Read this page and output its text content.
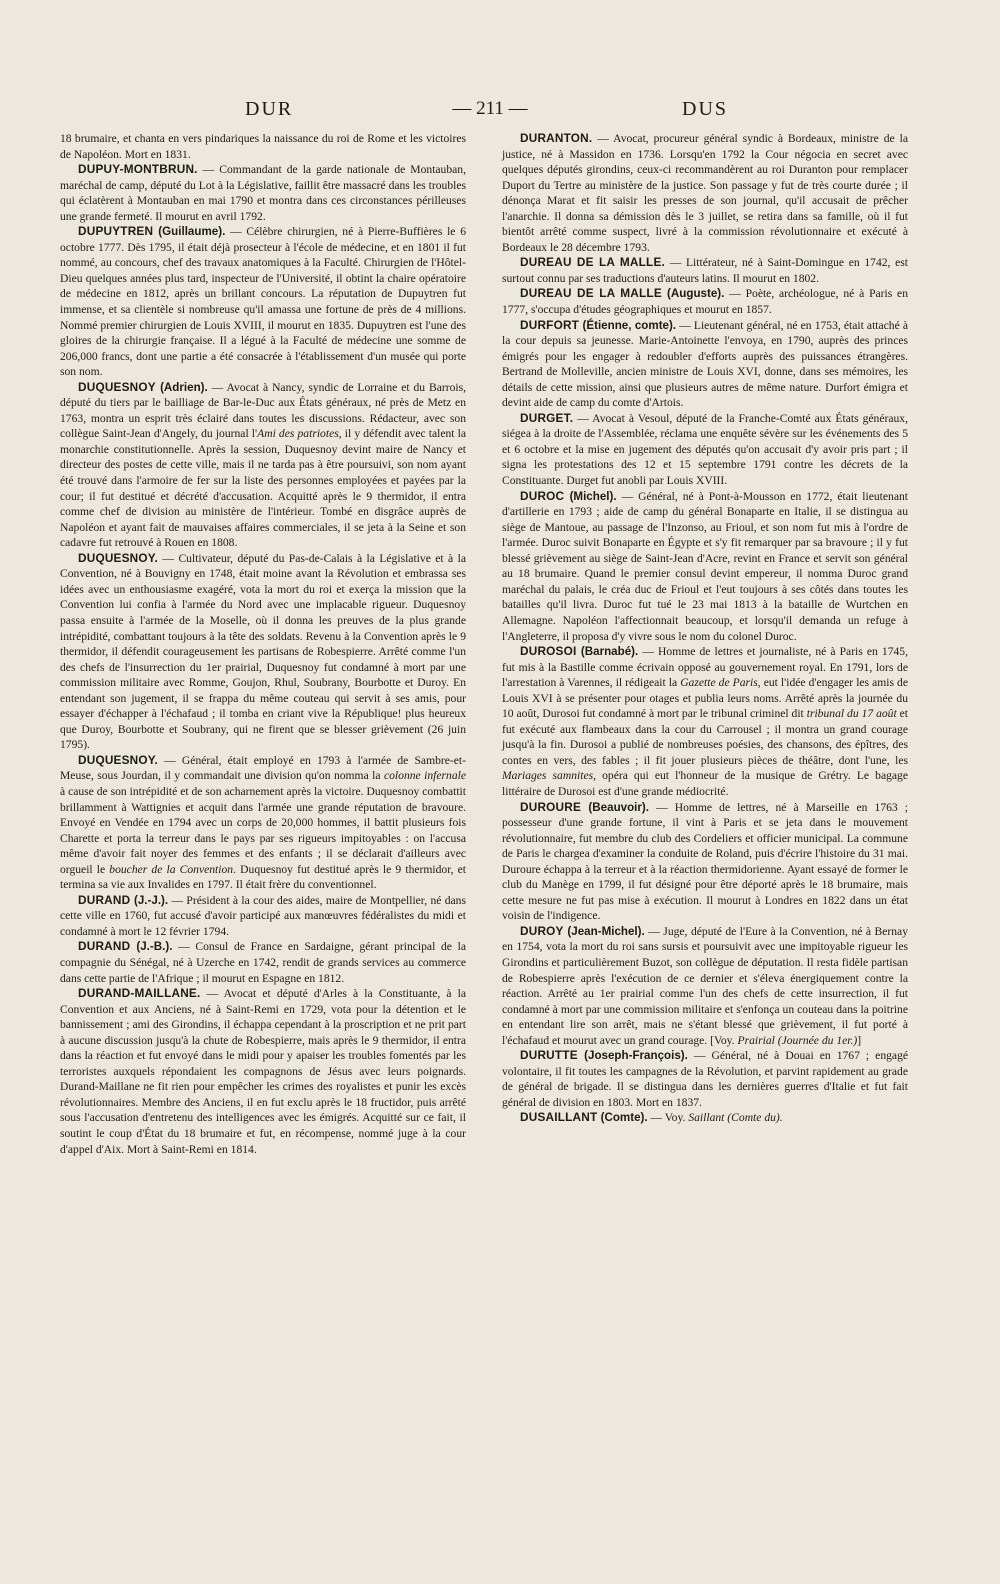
DUR	— 211 —	DUS

18 brumaire, et chanta en vers pindariques la naissance du roi de Rome et les victoires de Napoléon. Mort en 1831.

DUPUY-MONTBRUN. — Commandant de la garde nationale de Montauban, maréchal de camp, député du Lot à la Législative, faillit être massacré dans les troubles qui éclatèrent à Montauban en mai 1790 et montra dans ces circonstances périlleuses une grande fermeté. Il mourut en avril 1792.

DUPUYTREN (Guillaume). — Célèbre chirurgien, né à Pierre-Buffières le 6 octobre 1777. Dès 1795, il était déjà prosecteur à l'école de médecine, et en 1801 il fut nommé, au concours, chef des travaux anatomiques à la Faculté. Chirurgien de l'Hôtel-Dieu quelques années plus tard, inspecteur de l'Université, il obtint la chaire opératoire de médecine en 1812, après un brillant concours. La réputation de Dupuytren fut immense, et sa clientèle si nombreuse qu'il amassa une fortune de près de 4 millions. Nommé premier chirurgien de Louis XVIII, il mourut en 1835. Dupuytren est l'une des gloires de la chirurgie française. Il a légué à la Faculté de médecine une somme de 206,000 francs, dont une partie a été consacrée à l'établissement d'un musée qui porte son nom.

DUQUESNOY (Adrien). — Avocat à Nancy, syndic de Lorraine et du Barrois, député du tiers par le bailliage de Bar-le-Duc aux États généraux, né près de Metz en 1763, montra un esprit très éclairé dans toutes les discussions. Rédacteur, avec son collègue Saint-Jean d'Angely, du journal l'Ami des patriotes, il y défendit avec talent la monarchie constitutionnelle. Après la session, Duquesnoy devint maire de Nancy et directeur des postes de cette ville, mais il ne tarda pas à être poursuivi, son nom ayant été trouvé dans l'armoire de fer sur la liste des personnes employées et payées par la cour; il fut destitué et décrété d'accusation. Acquitté après le 9 thermidor, il entra comme chef de division au ministère de l'intérieur. Tombé en disgrâce auprès de Napoléon et ayant fait de mauvaises affaires commerciales, il se jeta à la Seine et son cadavre fut retrouvé à Rouen en 1808.

DUQUESNOY. — Cultivateur, député du Pas-de-Calais à la Législative et à la Convention, né à Bouvigny en 1748, était moine avant la Révolution et embrassa ses idées avec un enthousiasme exagéré, vota la mort du roi et exerça la mission que la Convention lui confia à l'armée du Nord avec une implacable rigueur. Duquesnoy passa ensuite à l'armée de la Moselle, où il donna les preuves de la plus grande intrépidité, combattant toujours à la tête des soldats. Revenu à la Convention après le 9 thermidor, il défendit courageusement les partisans de Robespierre. Arrêté comme l'un des chefs de l'insurrection du 1er prairial, Duquesnoy fut condamné à mort par une commission militaire avec Romme, Goujon, Rhul, Soubrany, Bourbotte et Duroy. En entendant son jugement, il se frappa du même couteau qui servit à ses amis, pour essayer d'échapper à l'échafaud ; il tomba en criant vive la République! plus heureux que Duroy, Bourbotte et Soubrany, qui ne firent que se blesser grièvement (26 juin 1795).

DUQUESNOY. — Général, était employé en 1793 à l'armée de Sambre-et-Meuse, sous Jourdan, il y commandait une division qu'on nomma la colonne infernale à cause de son intrépidité et de son acharnement après la victoire. Duquesnoy combattit brillamment à Wattignies et acquit dans l'armée une grande réputation de bravoure. Envoyé en Vendée en 1794 avec un corps de 20,000 hommes, il battit plusieurs fois Charette et porta la terreur dans le pays par ses rigueurs impitoyables : on l'accusa même d'avoir fait noyer des femmes et des enfants ; il se déclarait d'ailleurs avec orgueil le boucher de la Convention. Duquesnoy fut destitué après le 9 thermidor, et termina sa vie aux Invalides en 1797. Il était frère du conventionnel.

DURAND (J.-J.). — Président à la cour des aides, maire de Montpellier, né dans cette ville en 1760, fut accusé d'avoir participé aux manœuvres fédéralistes du midi et condamné à mort le 12 février 1794.

DURAND (J.-B.). — Consul de France en Sardaigne, gérant principal de la compagnie du Sénégal, né à Uzerche en 1742, rendit de grands services au commerce dans cette partie de l'Afrique ; il mourut en Espagne en 1812.

DURAND-MAILLANE. — Avocat et député d'Arles à la Constituante, à la Convention et aux Anciens, né à Saint-Remi en 1729, vota pour la détention et le bannissement ; ami des Girondins, il échappa cependant à la proscription et ne prit part à aucune discussion jusqu'à la chute de Robespierre, mais après le 9 thermidor, il entra dans la réaction et fut envoyé dans le midi pour y apaiser les troubles fomentés par les terroristes auxquels répondaient les compagnons de Jésus avec leurs poignards. Durand-Maillane ne fit rien pour empêcher les crimes des royalistes et punir les excès révolutionnaires. Membre des Anciens, il en fut exclu après le 18 fructidor, puis arrêté sous l'accusation d'entretenu des intelligences avec les émigrés. Acquitté sur ce fait, il soutint le coup d'État du 18 brumaire et fut, en récompense, nommé juge à la cour d'appel d'Aix. Mort à Saint-Remi en 1814.

DURANTON. — Avocat, procureur général syndic à Bordeaux, ministre de la justice, né à Massidon en 1736. Lorsqu'en 1792 la Cour négocia en secret avec quelques députés girondins, ceux-ci recommandèrent au roi Duranton pour remplacer Duport du Tertre au ministère de la justice. Son passage y fut de très courte durée ; il dénonça Marat et fit saisir les presses de son journal, qu'il accusait de prêcher l'anarchie. Il donna sa démission dès le 3 juillet, se retira dans sa famille, où il fut bientôt arrêté comme suspect, livré à la commission révolutionnaire et exécuté à Bordeaux le 28 décembre 1793.

DUREAU DE LA MALLE. — Littérateur, né à Saint-Domingue en 1742, est surtout connu par ses traductions d'auteurs latins. Il mourut en 1802.

DUREAU DE LA MALLE (Auguste). — Poète, archéologue, né à Paris en 1777, s'occupa d'études géographiques et mourut en 1857.

DURFORT (Étienne, comte). — Lieutenant général, né en 1753, était attaché à la cour depuis sa jeunesse. Marie-Antoinette l'envoya, en 1790, auprès des princes émigrés pour les engager à redoubler d'efforts auprès des puissances étrangères. Bertrand de Molleville, ancien ministre de Louis XVI, donne, dans ses mémoires, les détails de cette mission, ainsi que plusieurs autres de même nature. Durfort émigra et devint aide de camp du comte d'Artois.

DURGET. — Avocat à Vesoul, député de la Franche-Comté aux États généraux, siégea à la droite de l'Assemblée, réclama une enquête sévère sur les événements des 5 et 6 octobre et la mise en jugement des députés qu'on accusait d'y avoir pris part ; il signa les protestations des 12 et 15 septembre 1791 contre les décrets de la Constituante. Durget fut anobli par Louis XVIII.

DUROC (Michel). — Général, né à Pont-à-Mousson en 1772, était lieutenant d'artillerie en 1793 ; aide de camp du général Bonaparte en Italie, il se distingua au siège de Mantoue, au passage de l'Inzonso, au Frioul, et son nom fut mis à l'ordre de l'armée. Duroc suivit Bonaparte en Égypte et s'y fit remarquer par sa bravoure ; il y fut blessé grièvement au siège de Saint-Jean d'Acre, revint en France et servit son général au 18 brumaire. Quand le premier consul devint empereur, il nomma Duroc grand maréchal du palais, le créa duc de Frioul et l'eut toujours à ses côtés dans toutes les batailles qu'il livra. Duroc fut tué le 23 mai 1813 à la bataille de Wurtchen en Allemagne. Napoléon l'affectionnait beaucoup, et lorsqu'il demanda un refuge à l'Angleterre, il proposa d'y vivre sous le nom du colonel Duroc.

DUROSOI (Barnabé). — Homme de lettres et journaliste, né à Paris en 1745, fut mis à la Bastille comme écrivain opposé au gouvernement royal. En 1791, lors de l'arrestation à Varennes, il rédigeait la Gazette de Paris, eut l'idée d'engager les amis de Louis XVI à se présenter pour otages et publia leurs noms. Arrêté après la journée du 10 août, Durosoi fut condamné à mort par le tribunal criminel dit tribunal du 17 août et fut exécuté aux flambeaux dans la cour du Carrousel ; il montra un grand courage jusqu'à la fin. Durosoi a publié de nombreuses poésies, des chansons, des épîtres, des contes en vers, des fables ; il fit jouer plusieurs pièces de théâtre, dont l'une, les Mariages samnites, opéra qui eut l'honneur de la musique de Grétry. Le bagage littéraire de Durosoi est d'une grande médiocrité.

DUROURE (Beauvoir). — Homme de lettres, né à Marseille en 1763 ; possesseur d'une grande fortune, il vint à Paris et se jeta dans le mouvement révolutionnaire, fut membre du club des Cordeliers et officier municipal. La commune de Paris le chargea d'examiner la conduite de Roland, puis d'écrire l'histoire du 31 mai. Duroure échappa à la terreur et à la réaction thermidorienne. Ayant essayé de former le club du Manège en 1799, il fut désigné pour être déporté après le 18 brumaire, mais cette mesure ne fut pas mise à exécution. Il mourut à Londres en 1822 dans un état voisin de l'indigence.

DUROY (Jean-Michel). — Juge, député de l'Eure à la Convention, né à Bernay en 1754, vota la mort du roi sans sursis et poursuivit avec une impitoyable rigueur les Girondins et particulièrement Buzot, son collègue de députation. Il resta fidèle partisan de Robespierre après l'exécution de ce dernier et s'éleva énergiquement contre la réaction. Arrêté au 1er prairial comme l'un des chefs de cette insurrection, il fut condamné à mort par une commission militaire et s'enfonça un couteau dans la poitrine en entendant lire son arrêt, mais ne s'étant blessé que grièvement, il fut porté à l'échafaud et mourut avec un grand courage. [Voy. Prairial (Journée du 1er.)]

DURUTTE (Joseph-François). — Général, né à Douai en 1767 ; engagé volontaire, il fit toutes les campagnes de la Révolution, et parvint rapidement au grade de général de brigade. Il se distingua dans les dernières guerres d'Italie et fut fait général de division en 1803. Mort en 1837.

DUSAILLANT (Comte). — Voy. Saillant (Comte du).
